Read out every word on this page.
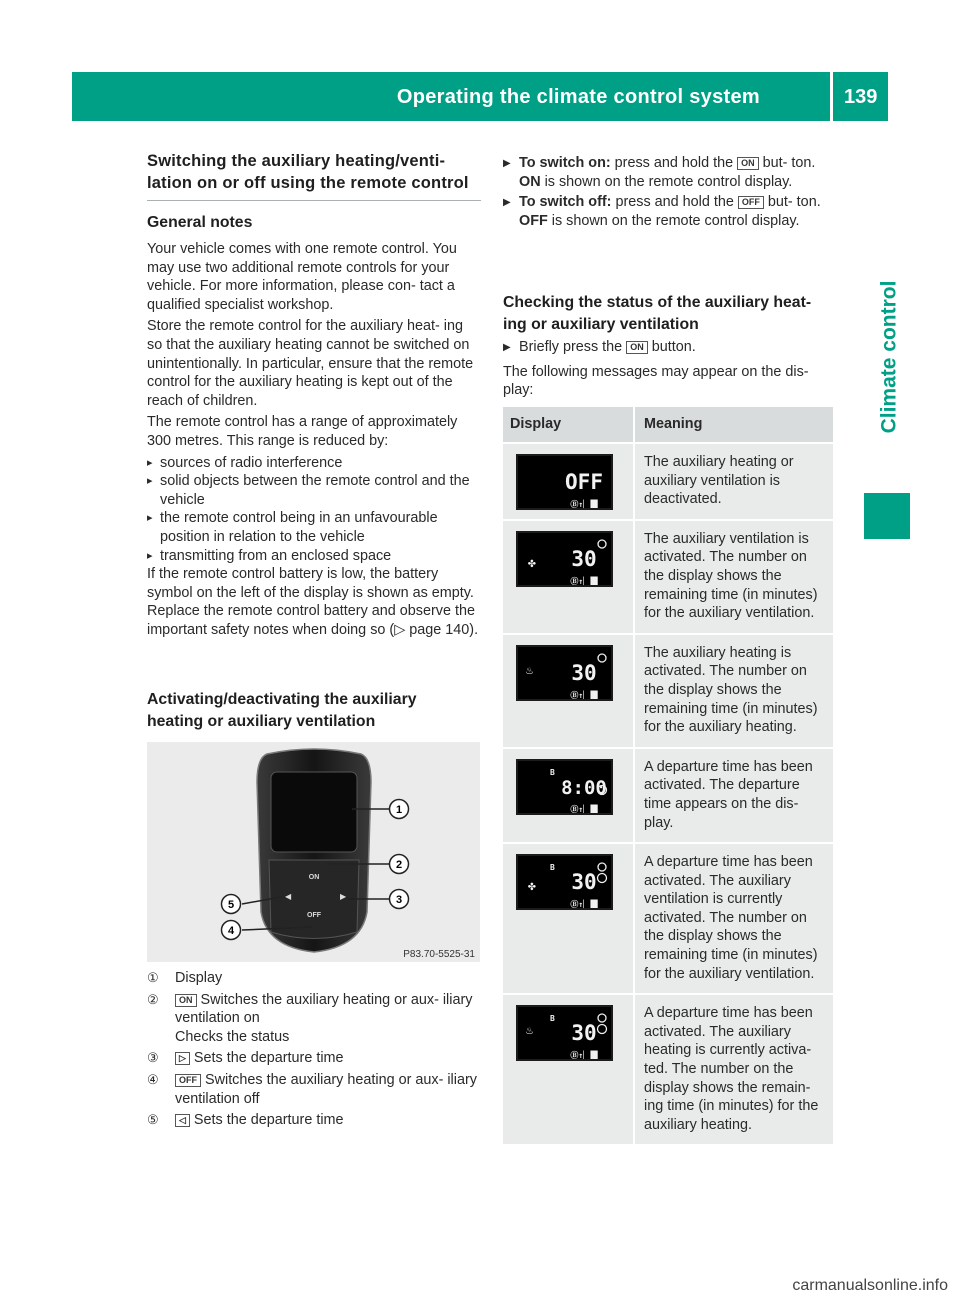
Operating the climate control system	139
Climate control
Switching the auxiliary heating/venti-
lation on or off using the remote control
General notes

Your vehicle comes with one remote control. You may use two additional remote controls for your vehicle. For more information, please con- tact a qualified specialist workshop.

Store the remote control for the auxiliary heat- ing so that the auxiliary heating cannot be switched on unintentionally. In particular, ensure that the remote control for the auxiliary heating is kept out of the reach of children.

The remote control has a range of approximately 300 metres. This range is reduced by:

▸ sources of radio interference
▸ solid objects between the remote control and the vehicle
▸ the remote control being in an unfavourable position in relation to the vehicle
▸ transmitting from an enclosed space

If the remote control battery is low, the battery symbol on the left of the display is shown as empty. Replace the remote control battery and observe the important safety notes when doing so (▷ page 140).

Activating/deactivating the auxiliary
heating or auxiliary ventilation
ON
OFF
◀	▶
1
2
3
4
5
P83.70-5525-31
① Display
② ON Switches the auxiliary heating or aux- iliary ventilation on
Checks the status
③ ▷ Sets the departure time
④ OFF Switches the auxiliary heating or aux- iliary ventilation off
⑤ ◁ Sets the departure time
▶ To switch on: press and hold the ON but- ton.
ON is shown on the remote control display.
▶ To switch off: press and hold the OFF but- ton.
OFF is shown on the remote control display.
Checking the status of the auxiliary heat-
ing or auxiliary ventilation
▶ Briefly press the ON button.

The following messages may appear on the dis- play:

Display	Meaning

OFF
Ⓑ↑▏▐█	The auxiliary heating or auxiliary ventilation is deactivated.

30
Ⓑ↑▏▐█
✤	The auxiliary ventilation is activated. The number on the display shows the remaining time (in minutes) for the auxiliary ventilation.

30
Ⓑ↑▏▐█
♨	The auxiliary heating is activated. The number on the display shows the remaining time (in minutes) for the auxiliary heating.

8:00
Ⓑ↑▏▐█
B	A departure time has been activated. The departure time appears on the dis- play.

30
Ⓑ↑▏▐█
B
✤	A departure time has been activated. The auxiliary ventilation is currently activated. The number on the display shows the remaining time (in minutes) for the auxiliary ventilation.

30
Ⓑ↑▏▐█
B
♨	A departure time has been activated. The auxiliary heating is currently activa- ted. The number on the display shows the remain- ing time (in minutes) for the auxiliary heating.
carmanualsonline.info
